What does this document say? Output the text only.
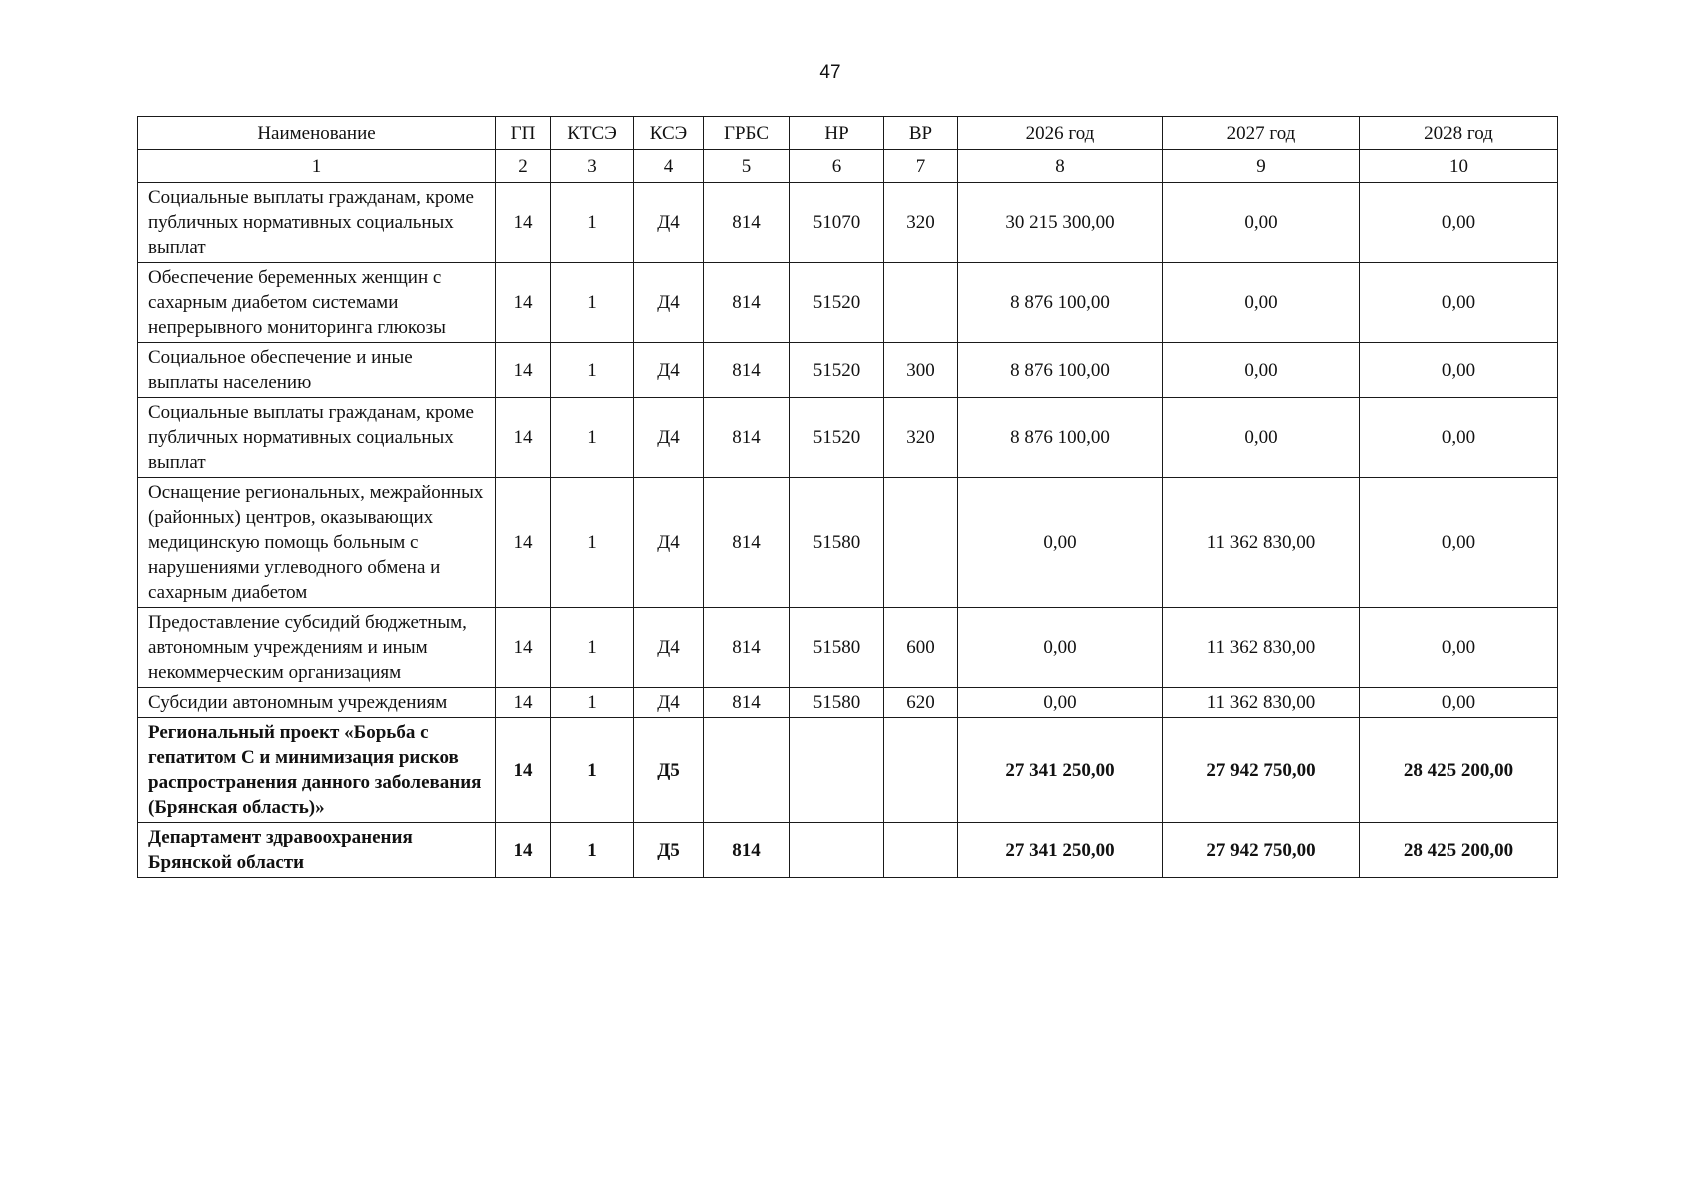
47
Наименование	ГП	КТСЭ	КСЭ	ГРБС	НР	ВР	2026 год	2027 год	2028 год
1	2	3	4	5	6	7	8	9	10
Социальные выплаты гражданам, кроме публичных нормативных социальных выплат	14	1	Д4	814	51070	320	30 215 300,00	0,00	0,00
Обеспечение беременных женщин с сахарным диабетом системами непрерывного мониторинга глюкозы	14	1	Д4	814	51520		8 876 100,00	0,00	0,00
Социальное обеспечение и иные выплаты населению	14	1	Д4	814	51520	300	8 876 100,00	0,00	0,00
Социальные выплаты гражданам, кроме публичных нормативных социальных выплат	14	1	Д4	814	51520	320	8 876 100,00	0,00	0,00
Оснащение региональных, межрайонных (районных) центров, оказывающих медицинскую помощь больным с нарушениями углеводного обмена и сахарным диабетом	14	1	Д4	814	51580		0,00	11 362 830,00	0,00
Предоставление субсидий бюджетным, автономным учреждениям и иным некоммерческим организациям	14	1	Д4	814	51580	600	0,00	11 362 830,00	0,00
Субсидии автономным учреждениям	14	1	Д4	814	51580	620	0,00	11 362 830,00	0,00
Региональный проект «Борьба с гепатитом С и минимизация рисков распространения данного заболевания (Брянская область)»	14	1	Д5				27 341 250,00	27 942 750,00	28 425 200,00
Департамент здравоохранения Брянской области	14	1	Д5	814			27 341 250,00	27 942 750,00	28 425 200,00
